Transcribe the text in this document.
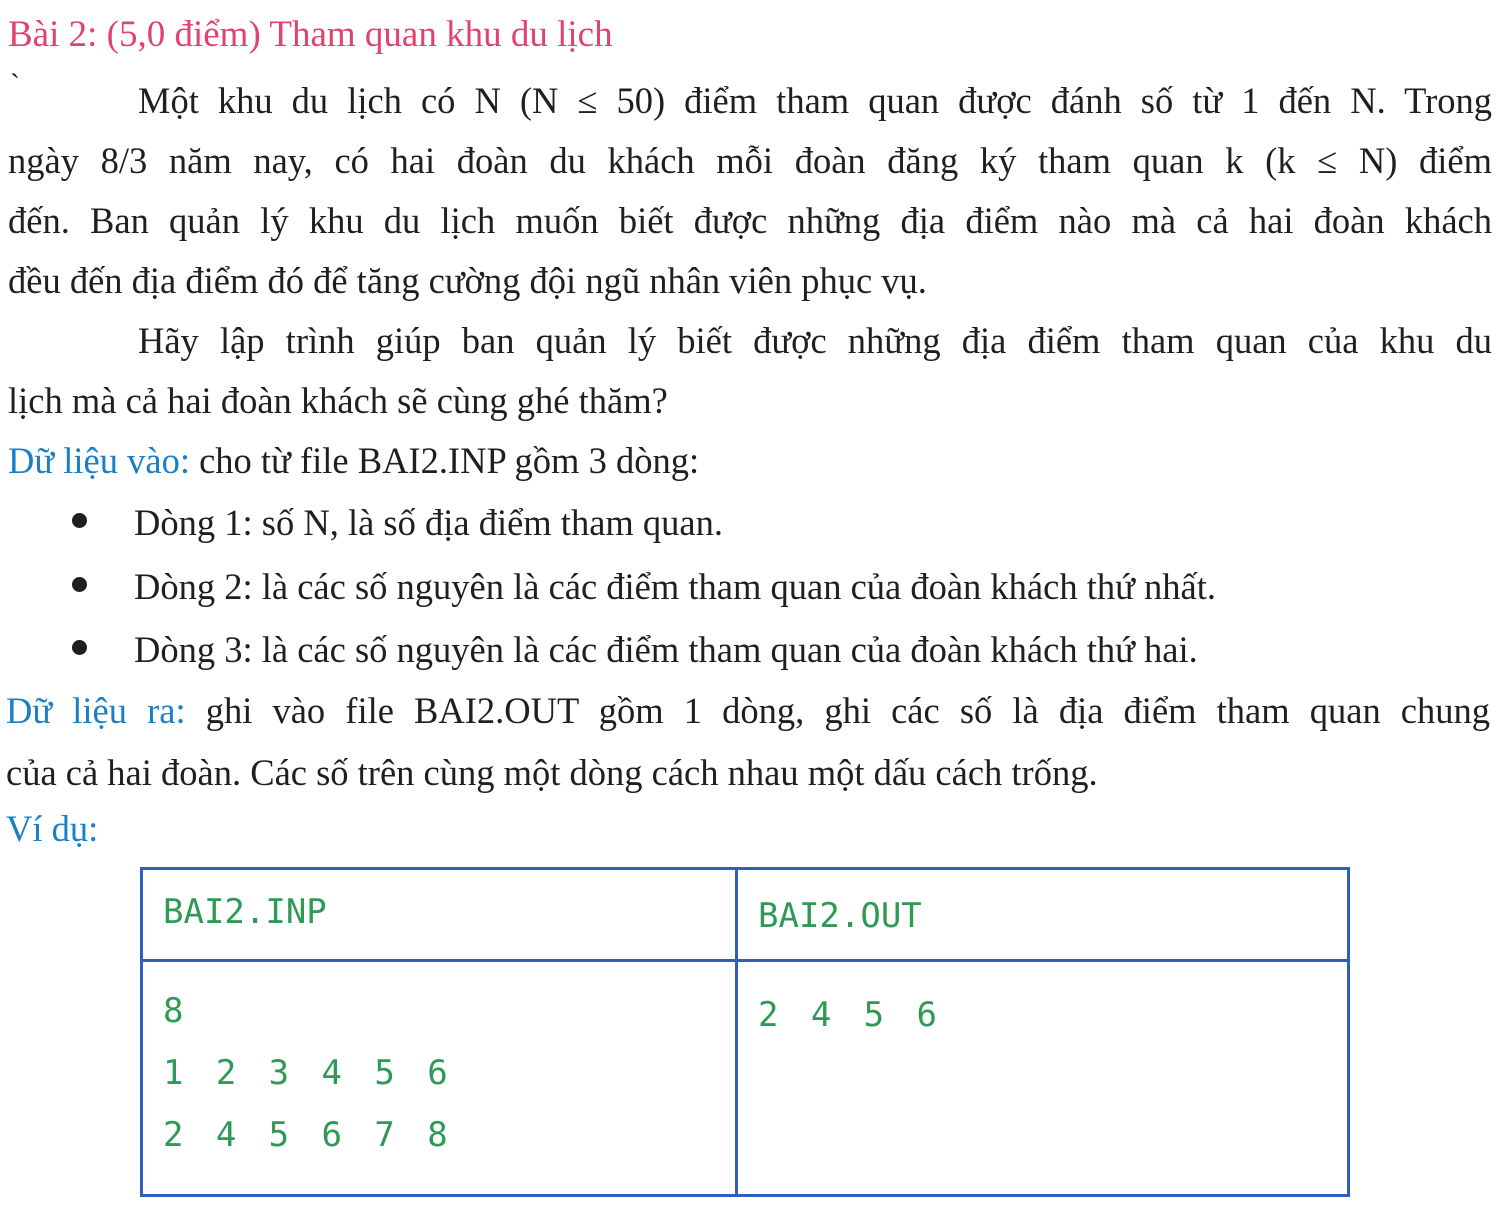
Bài 2: (5,0 điểm) Tham quan khu du lịch
`	Một khu du lịch có N (N ≤ 50) điểm tham quan được đánh số từ 1 đến N. Trong
ngày 8/3 năm nay, có hai đoàn du khách mỗi đoàn đăng ký tham quan k (k ≤ N) điểm
đến. Ban quản lý khu du lịch muốn biết được những địa điểm nào mà cả hai đoàn khách
đều đến địa điểm đó để tăng cường đội ngũ nhân viên phục vụ.
Hãy lập trình giúp ban quản lý biết được những địa điểm tham quan của khu du
lịch mà cả hai đoàn khách sẽ cùng ghé thăm?
Dữ liệu vào: cho từ file BAI2.INP gồm 3 dòng:
Dòng 1: số N, là số địa điểm tham quan.
Dòng 2: là các số nguyên là các điểm tham quan của đoàn khách thứ nhất.
Dòng 3: là các số nguyên là các điểm tham quan của đoàn khách thứ hai.
Dữ liệu ra: ghi vào file BAI2.OUT gồm 1 dòng, ghi các số là địa điểm tham quan chung
của cả hai đoàn. Các số trên cùng một dòng cách nhau một dấu cách trống.
Ví dụ:
BAI2.INP	BAI2.OUT

8
1 2 3 4 5 6
2 4 5 6 7 8	2 4 5 6
